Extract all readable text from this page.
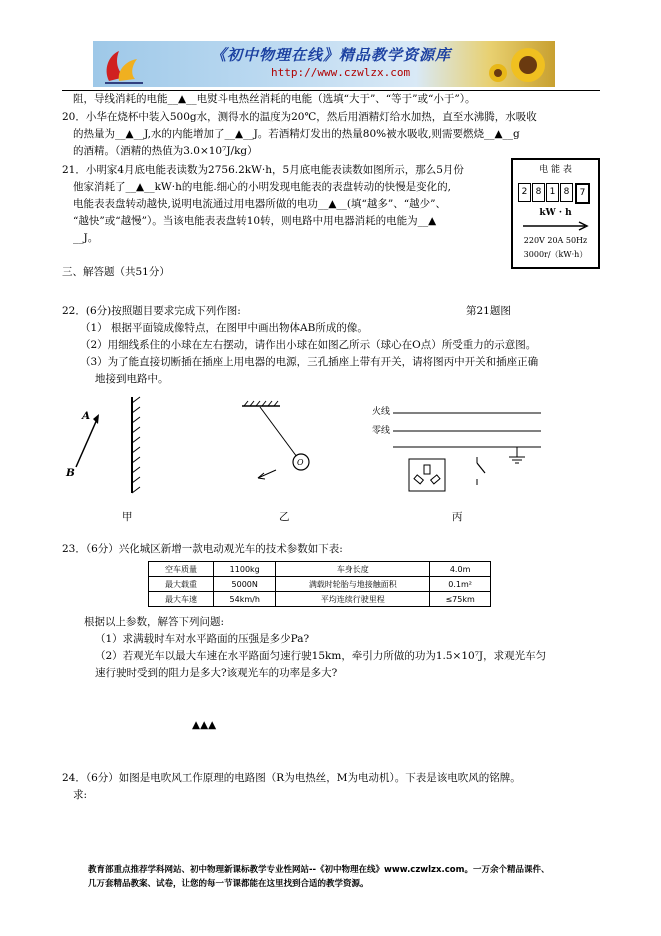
《初中物理在线》精品教学资源库
http://www.czwlzx.com
阻，导线消耗的电能__▲__电熨斗电热丝消耗的电能（选填“大于”、“等于”或“小于”）。
20．小华在烧杯中装入500g水，测得水的温度为20℃，然后用酒精灯给水加热，直至水沸腾，水吸收
的热量为__▲__J,水的内能增加了__▲__J。若酒精灯发出的热量80%被水吸收,则需要燃烧__▲__g
的酒精。（酒精的热值为3.0×10⁷J/kg）
21．小明家4月底电能表读数为2756.2kW·h，5月底电能表读数如图所示，那么5月份
他家消耗了__▲__kW·h的电能.细心的小明发现电能表的表盘转动的快慢是变化的,
电能表表盘转动越快,说明电流通过用电器所做的电功__▲__(填“越多”、“越少”、
“越快”或“越慢”）。当该电能表表盘转10转，则电路中用电器消耗的电能为__▲
__J。
电 能 表
2 8 1 8	7
kW · h
220V 20A 50Hz
3000r/（kW·h）
三、解答题（共51分）
22．(6分)按照题目要求完成下列作图:	第21题图
（1） 根据平面镜成像特点，在图甲中画出物体AB所成的像。
（2）用细线系住的小球在左右摆动，请作出小球在如图乙所示（球心在O点）所受重力的示意图。
（3）为了能直接切断插在插座上用电器的电源，三孔插座上带有开关，请将图丙中开关和插座正确
地接到电路中。
A
B
甲
O
乙
火线
零线
丙
23．（6分）兴化城区新增一款电动观光车的技术参数如下表:
空车质量	1100kg	车身长度	4.0m
最大载重	5000N	满载时轮胎与地接触面积	0.1m²
最大车速	54km/h	平均连续行驶里程	≤75km
根据以上参数，解答下列问题:
（1）求满载时车对水平路面的压强是多少Pa?
（2）若观光车以最大车速在水平路面匀速行驶15km，牵引力所做的功为1.5×10⁷J，求观光车匀
速行驶时受到的阻力是多大?该观光车的功率是多大?
▲▲▲
24．（6分）如图是电吹风工作原理的电路图（R为电热丝，M为电动机）。下表是该电吹风的铭牌。
求:
教育部重点推荐学科网站、初中物理新课标教学专业性网站--《初中物理在线》www.czwlzx.com。一万余个精品课件、
几万套精品教案、试卷，让您的每一节课都能在这里找到合适的教学资源。
